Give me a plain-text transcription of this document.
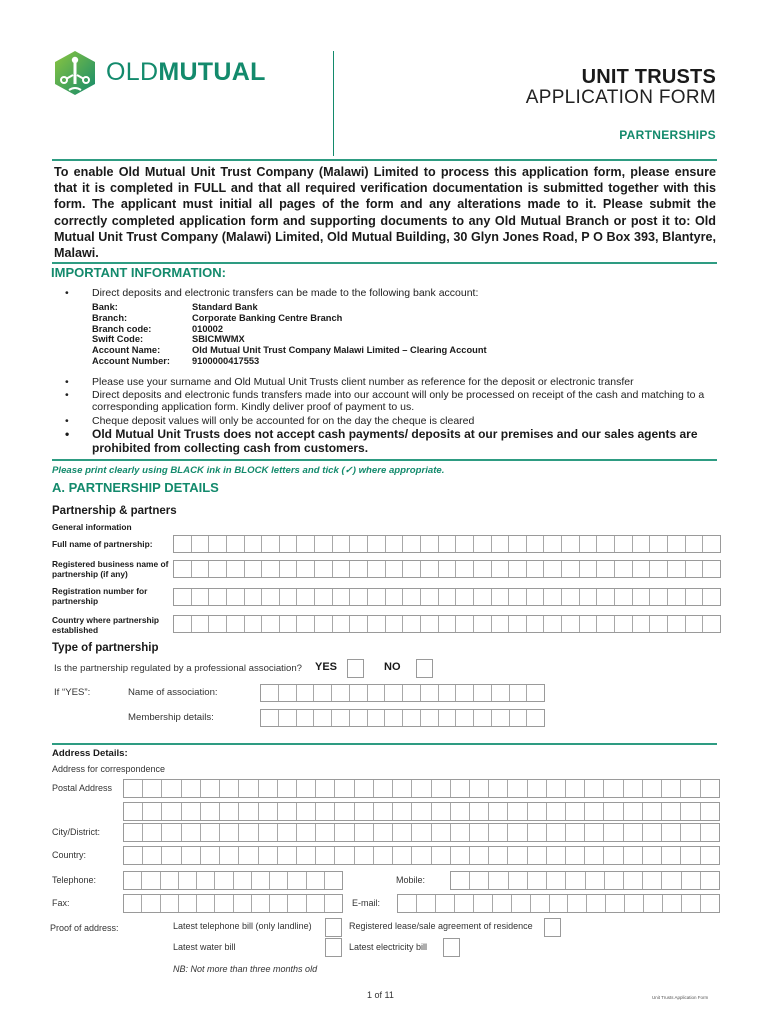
OLDMUTUAL	UNIT TRUSTS
APPLICATION FORM
PARTNERSHIPS

To enable Old Mutual Unit Trust Company (Malawi) Limited to process this application form, please ensure that it is completed in FULL and that all required verification documentation is submitted together with this form. The applicant must initial all pages of the form and any alterations made to it. Please submit the correctly completed application form and supporting documents to any Old Mutual Branch or post it to: Old Mutual Unit Trust Company (Malawi) Limited, Old Mutual Building, 30 Glyn Jones Road, P O Box 393, Blantyre, Malawi.

IMPORTANT INFORMATION:
• Direct deposits and electronic transfers can be made to the following bank account:
Bank:	Standard Bank
Branch:	Corporate Banking Centre Branch
Branch code:	010002
Swift Code:	SBICMWMX
Account Name:	Old Mutual Unit Trust Company Malawi Limited – Clearing Account
Account Number:	9100000417553
• Please use your surname and Old Mutual Unit Trusts client number as reference for the deposit or electronic transfer
• Direct deposits and electronic funds transfers made into our account will only be processed on receipt of the cash and matching to a corresponding application form. Kindly deliver proof of payment to us.
• Cheque deposit values will only be accounted for on the day the cheque is cleared
• Old Mutual Unit Trusts does not accept cash payments/ deposits at our premises and our sales agents are prohibited from collecting cash from customers.
Please print clearly using BLACK ink in BLOCK letters and tick (✓) where appropriate.
A. PARTNERSHIP DETAILS
Partnership & partners
General information
Full name of partnership:
Registered business name of partnership (if any)
Registration number for partnership
Country where partnership established
Type of partnership
Is the partnership regulated by a professional association? YES	NO
If “YES”:	Name of association:
Membership details:
Address Details:
Address for correspondence
Postal Address
City/District:
Country:
Telephone:	Mobile:
Fax:	E-mail:
Proof of address:	Latest telephone bill (only landline)	Registered lease/sale agreement of residence
Latest water bill	Latest electricity bill
NB: Not more than three months old
1 of 11	Unit Trusts Application Form
